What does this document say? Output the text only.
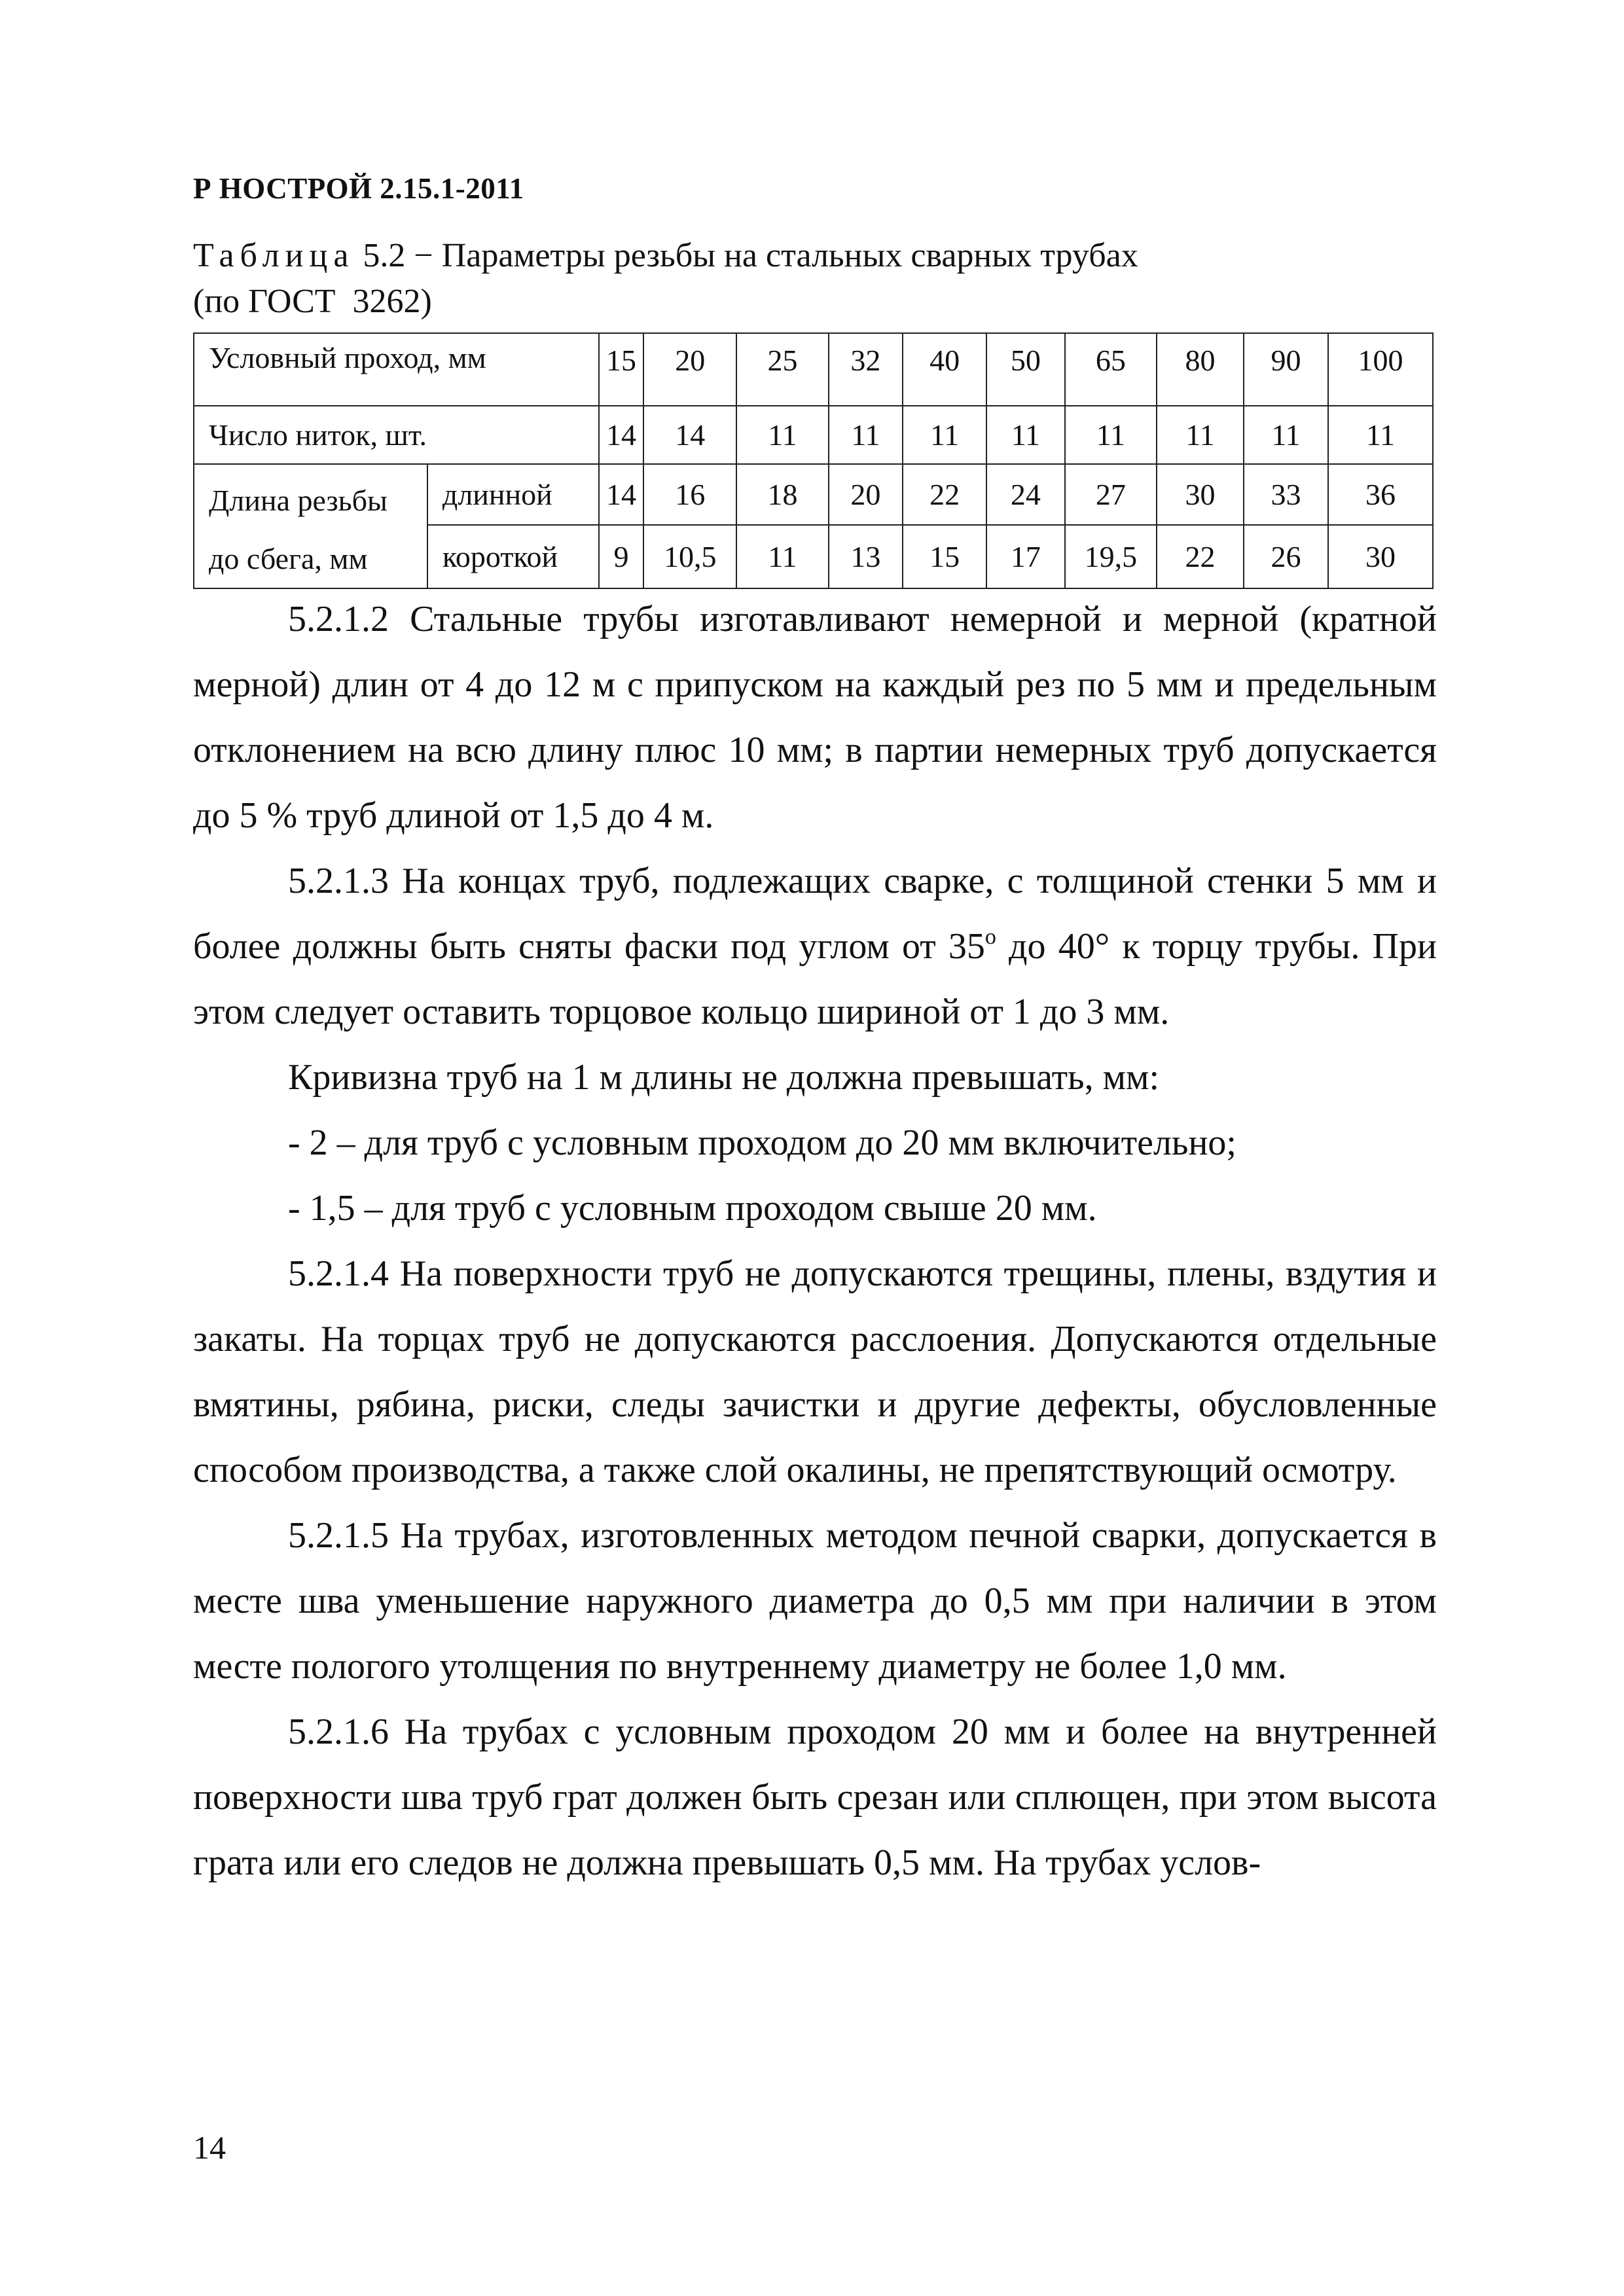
Р НОСТРОЙ 2.15.1-2011
Таблица 5.2 − Параметры резьбы на стальных сварных трубах
(по ГОСТ  3262)
Условный проход, мм		15	20	25	32	40	50	65	80	90	100
Число ниток, шт.		14	14	11	11	11	11	11	11	11	11
Длина резьбы до сбега, мм	длинной	14	16	18	20	22	24	27	30	33	36
	короткой	9	10,5	11	13	15	17	19,5	22	26	30

5.2.1.2 Стальные трубы изготавливают немерной и мерной (кратной мерной) длин от 4 до 12 м с припуском на каждый рез по 5 мм и предельным отклонением на всю длину плюс 10 мм; в партии немерных труб допускается до 5 % труб длиной от 1,5 до 4 м.

5.2.1.3 На концах труб, подлежащих сварке, с толщиной стенки 5 мм и более должны быть сняты фаски под углом от $35^о$ до 40° к торцу трубы. При этом следует оставить торцовое кольцо шириной от 1 до 3 мм.

Кривизна труб на 1 м длины не должна превышать, мм:

- 2 – для труб с условным проходом до 20 мм включительно;

- 1,5 – для труб с условным проходом свыше 20 мм.

5.2.1.4 На поверхности труб не допускаются трещины, плены, вздутия и закаты. На торцах труб не допускаются расслоения. Допускаются отдельные вмятины, рябина, риски, следы зачистки и другие дефекты, обусловленные способом производства, а также слой окалины, не препятствующий осмотру.

5.2.1.5 На трубах, изготовленных методом печной сварки, допускается в месте шва уменьшение наружного диаметра до 0,5 мм при наличии в этом месте пологого утолщения по внутреннему диаметру не более 1,0 мм.

5.2.1.6 На трубах с условным проходом 20 мм и более на внутренней поверхности шва труб грат должен быть срезан или сплющен, при этом высота грата или его следов не должна превышать 0,5 мм. На трубах услов-

14
